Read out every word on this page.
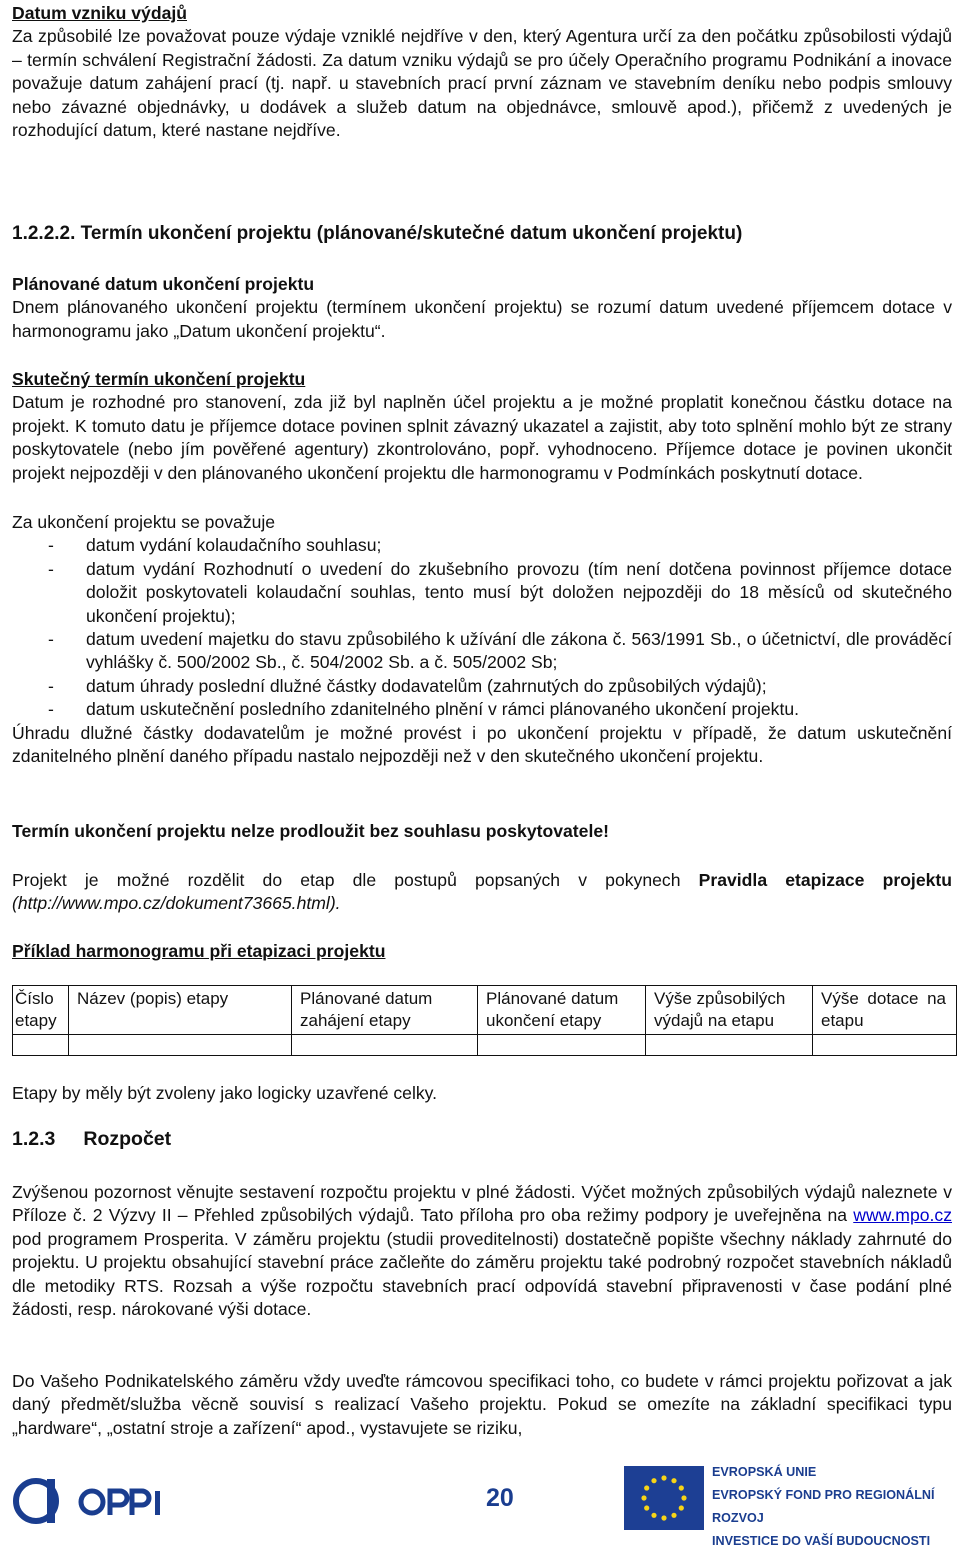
Datum vzniku výdajů
Za způsobilé lze považovat pouze výdaje vzniklé nejdříve v den, který Agentura určí za den počátku způsobilosti výdajů – termín schválení Registrační žádosti. Za datum vzniku výdajů se pro účely Operačního programu Podnikání a inovace považuje datum zahájení prací (tj. např. u stavebních prací první záznam ve stavebním deníku nebo podpis smlouvy nebo závazné objednávky, u dodávek a služeb datum na objednávce, smlouvě apod.), přičemž z uvedených je rozhodující datum, které nastane nejdříve.

1.2.2.2. Termín ukončení projektu (plánované/skutečné datum ukončení projektu)

Plánované datum ukončení projektu
Dnem plánovaného ukončení projektu (termínem ukončení projektu) se rozumí datum uvedené příjemcem dotace v harmonogramu jako „Datum ukončení projektu“.

Skutečný termín ukončení projektu
Datum je rozhodné pro stanovení, zda již byl naplněn účel projektu a je možné proplatit konečnou částku dotace na projekt. K tomuto datu je příjemce dotace povinen splnit závazný ukazatel a zajistit, aby toto splnění mohlo být ze strany poskytovatele (nebo jím pověřené agentury) zkontrolováno, popř. vyhodnoceno. Příjemce dotace je povinen ukončit projekt nejpozději v den plánovaného ukončení projektu dle harmonogramu v Podmínkách poskytnutí dotace.

Za ukončení projektu se považuje
- datum vydání kolaudačního souhlasu;
- datum vydání Rozhodnutí o uvedení do zkušebního provozu (tím není dotčena povinnost příjemce dotace doložit poskytovateli kolaudační souhlas, tento musí být doložen nejpozději do 18 měsíců od skutečného ukončení projektu);
- datum uvedení majetku do stavu způsobilého k užívání dle zákona č. 563/1991 Sb., o účetnictví, dle prováděcí vyhlášky č. 500/2002 Sb., č. 504/2002 Sb. a č. 505/2002 Sb;
- datum úhrady poslední dlužné částky dodavatelům (zahrnutých do způsobilých výdajů);
- datum uskutečnění posledního zdanitelného plnění v rámci plánovaného ukončení projektu.
Úhradu dlužné částky dodavatelům je možné provést i po ukončení projektu v případě, že datum uskutečnění zdanitelného plnění daného případu nastalo nejpozději než v den skutečného ukončení projektu.

Termín ukončení projektu nelze prodloužit bez souhlasu poskytovatele!

Projekt je možné rozdělit do etap dle postupů popsaných v pokynech Pravidla etapizace projektu (http://www.mpo.cz/dokument73665.html).

Příklad harmonogramu při etapizaci projektu

Číslo etapy	Název (popis) etapy	Plánované datum zahájení etapy	Plánované datum ukončení etapy	Výše způsobilých výdajů na etapu	Výše dotace na etapu

Etapy by měly být zvoleny jako logicky uzavřené celky.

1.2.3 Rozpočet

Zvýšenou pozornost věnujte sestavení rozpočtu projektu v plné žádosti. Výčet možných způsobilých výdajů naleznete v Příloze č. 2 Výzvy II – Přehled způsobilých výdajů. Tato příloha pro oba režimy podpory je uveřejněna na www.mpo.cz pod programem Prosperita. V záměru projektu (studii proveditelnosti) dostatečně popište všechny náklady zahrnuté do projektu. U projektu obsahující stavební práce začleňte do záměru projektu také podrobný rozpočet stavebních nákladů dle metodiky RTS. Rozsah a výše rozpočtu stavebních prací odpovídá stavební připravenosti v čase podání plné žádosti, resp. nárokované výši dotace.

Do Vašeho Podnikatelského záměru vždy uveďte rámcovou specifikaci toho, co budete v rámci projektu pořizovat a jak daný předmět/služba věcně souvisí s realizací Vašeho projektu. Pokud se omezíte na základní specifikaci typu „hardware“, „ostatní stroje a zařízení“ apod., vystavujete se riziku,

20
EVROPSKÁ UNIE
EVROPSKÝ FOND PRO REGIONÁLNÍ ROZVOJ
INVESTICE DO VAŠÍ BUDOUCNOSTI
